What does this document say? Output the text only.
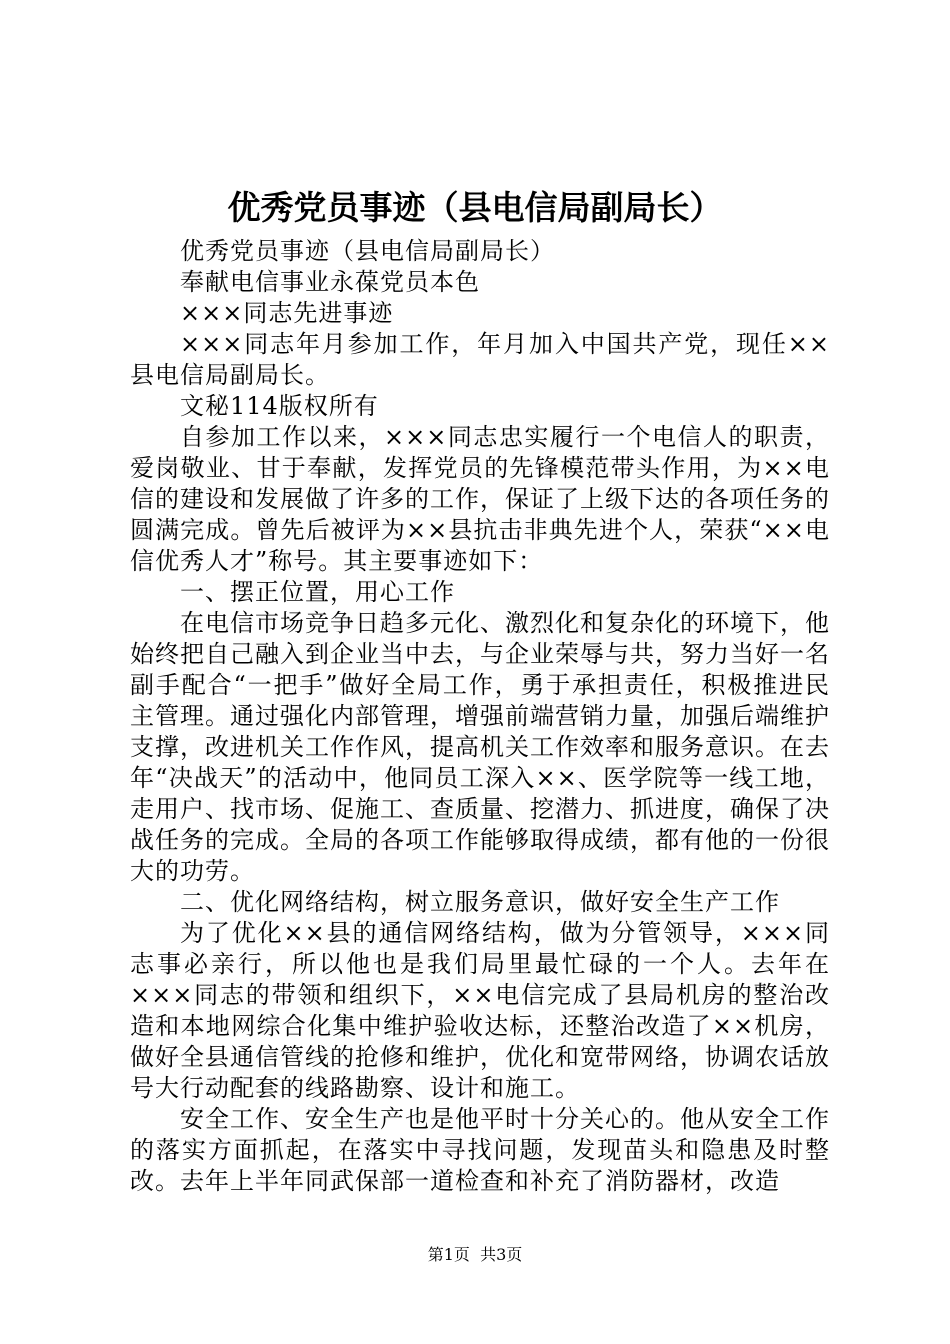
优秀党员事迹（县电信局副局长）

优秀党员事迹（县电信局副局长）

奉献电信事业永葆党员本色

×××同志先进事迹

×××同志年月参加工作，年月加入中国共产党，现任××县电信局副局长。

文秘114版权所有

自参加工作以来，×××同志忠实履行一个电信人的职责，爱岗敬业、甘于奉献，发挥党员的先锋模范带头作用，为××电信的建设和发展做了许多的工作，保证了上级下达的各项任务的圆满完成。曾先后被评为××县抗击非典先进个人，荣获“××电信优秀人才”称号。其主要事迹如下：

一、摆正位置，用心工作

在电信市场竞争日趋多元化、激烈化和复杂化的环境下，他始终把自己融入到企业当中去，与企业荣辱与共，努力当好一名副手配合“一把手”做好全局工作，勇于承担责任，积极推进民主管理。通过强化内部管理，增强前端营销力量，加强后端维护支撑，改进机关工作作风，提高机关工作效率和服务意识。在去年“决战天”的活动中，他同员工深入××、医学院等一线工地，走用户、找市场、促施工、查质量、挖潜力、抓进度，确保了决战任务的完成。全局的各项工作能够取得成绩，都有他的一份很大的功劳。

二、优化网络结构，树立服务意识，做好安全生产工作

为了优化××县的通信网络结构，做为分管领导，×××同志事必亲行，所以他也是我们局里最忙碌的一个人。去年在×××同志的带领和组织下，××电信完成了县局机房的整治改造和本地网综合化集中维护验收达标，还整治改造了××机房，做好全县通信管线的抢修和维护，优化和宽带网络，协调农话放号大行动配套的线路勘察、设计和施工。

安全工作、安全生产也是他平时十分关心的。他从安全工作的落实方面抓起，在落实中寻找问题，发现苗头和隐患及时整改。去年上半年同武保部一道检查和补充了消防器材，改造

第1页 共3页
